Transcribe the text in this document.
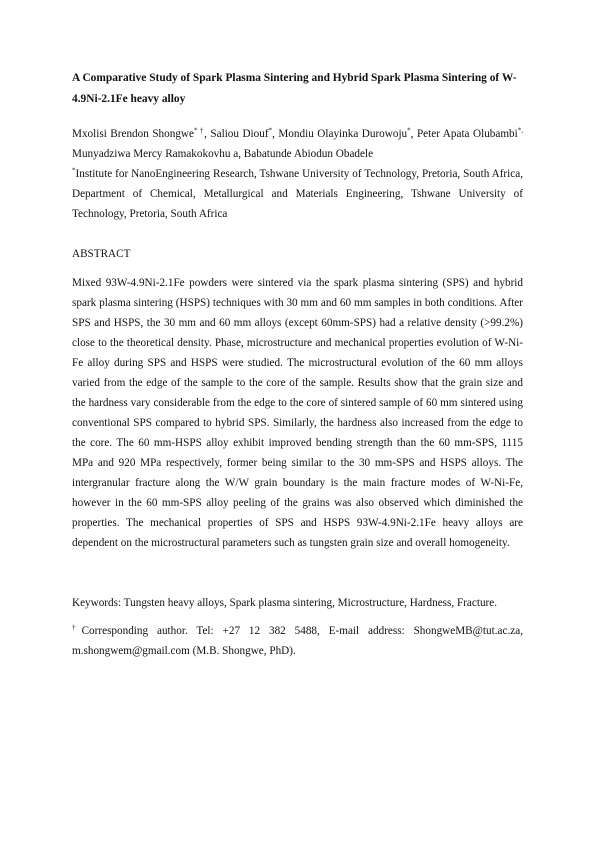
A Comparative Study of Spark Plasma Sintering and Hybrid Spark Plasma Sintering of W-4.9Ni-2.1Fe heavy alloy

Mxolisi Brendon Shongwe* †, Saliou Diouf*, Mondiu Olayinka Durowoju*, Peter Apata Olubambi*, Munyadziwa Mercy Ramakokovhu a, Babatunde Abiodun Obadele

*Institute for NanoEngineering Research, Tshwane University of Technology, Pretoria, South Africa, Department of Chemical, Metallurgical and Materials Engineering, Tshwane University of Technology, Pretoria, South Africa

ABSTRACT

Mixed 93W-4.9Ni-2.1Fe powders were sintered via the spark plasma sintering (SPS) and hybrid spark plasma sintering (HSPS) techniques with 30 mm and 60 mm samples in both conditions. After SPS and HSPS, the 30 mm and 60 mm alloys (except 60mm-SPS) had a relative density (>99.2%) close to the theoretical density. Phase, microstructure and mechanical properties evolution of W-Ni-Fe alloy during SPS and HSPS were studied. The microstructural evolution of the 60 mm alloys varied from the edge of the sample to the core of the sample. Results show that the grain size and the hardness vary considerable from the edge to the core of sintered sample of 60 mm sintered using conventional SPS compared to hybrid SPS. Similarly, the hardness also increased from the edge to the core. The 60 mm-HSPS alloy exhibit improved bending strength than the 60 mm-SPS, 1115 MPa and 920 MPa respectively, former being similar to the 30 mm-SPS and HSPS alloys. The intergranular fracture along the W/W grain boundary is the main fracture modes of W-Ni-Fe, however in the 60 mm-SPS alloy peeling of the grains was also observed which diminished the properties. The mechanical properties of SPS and HSPS 93W-4.9Ni-2.1Fe heavy alloys are dependent on the microstructural parameters such as tungsten grain size and overall homogeneity.

Keywords: Tungsten heavy alloys, Spark plasma sintering, Microstructure, Hardness, Fracture.

†Corresponding author. Tel: +27 12 382 5488, E-mail address: ShongweMB@tut.ac.za, m.shongwem@gmail.com (M.B. Shongwe, PhD).
